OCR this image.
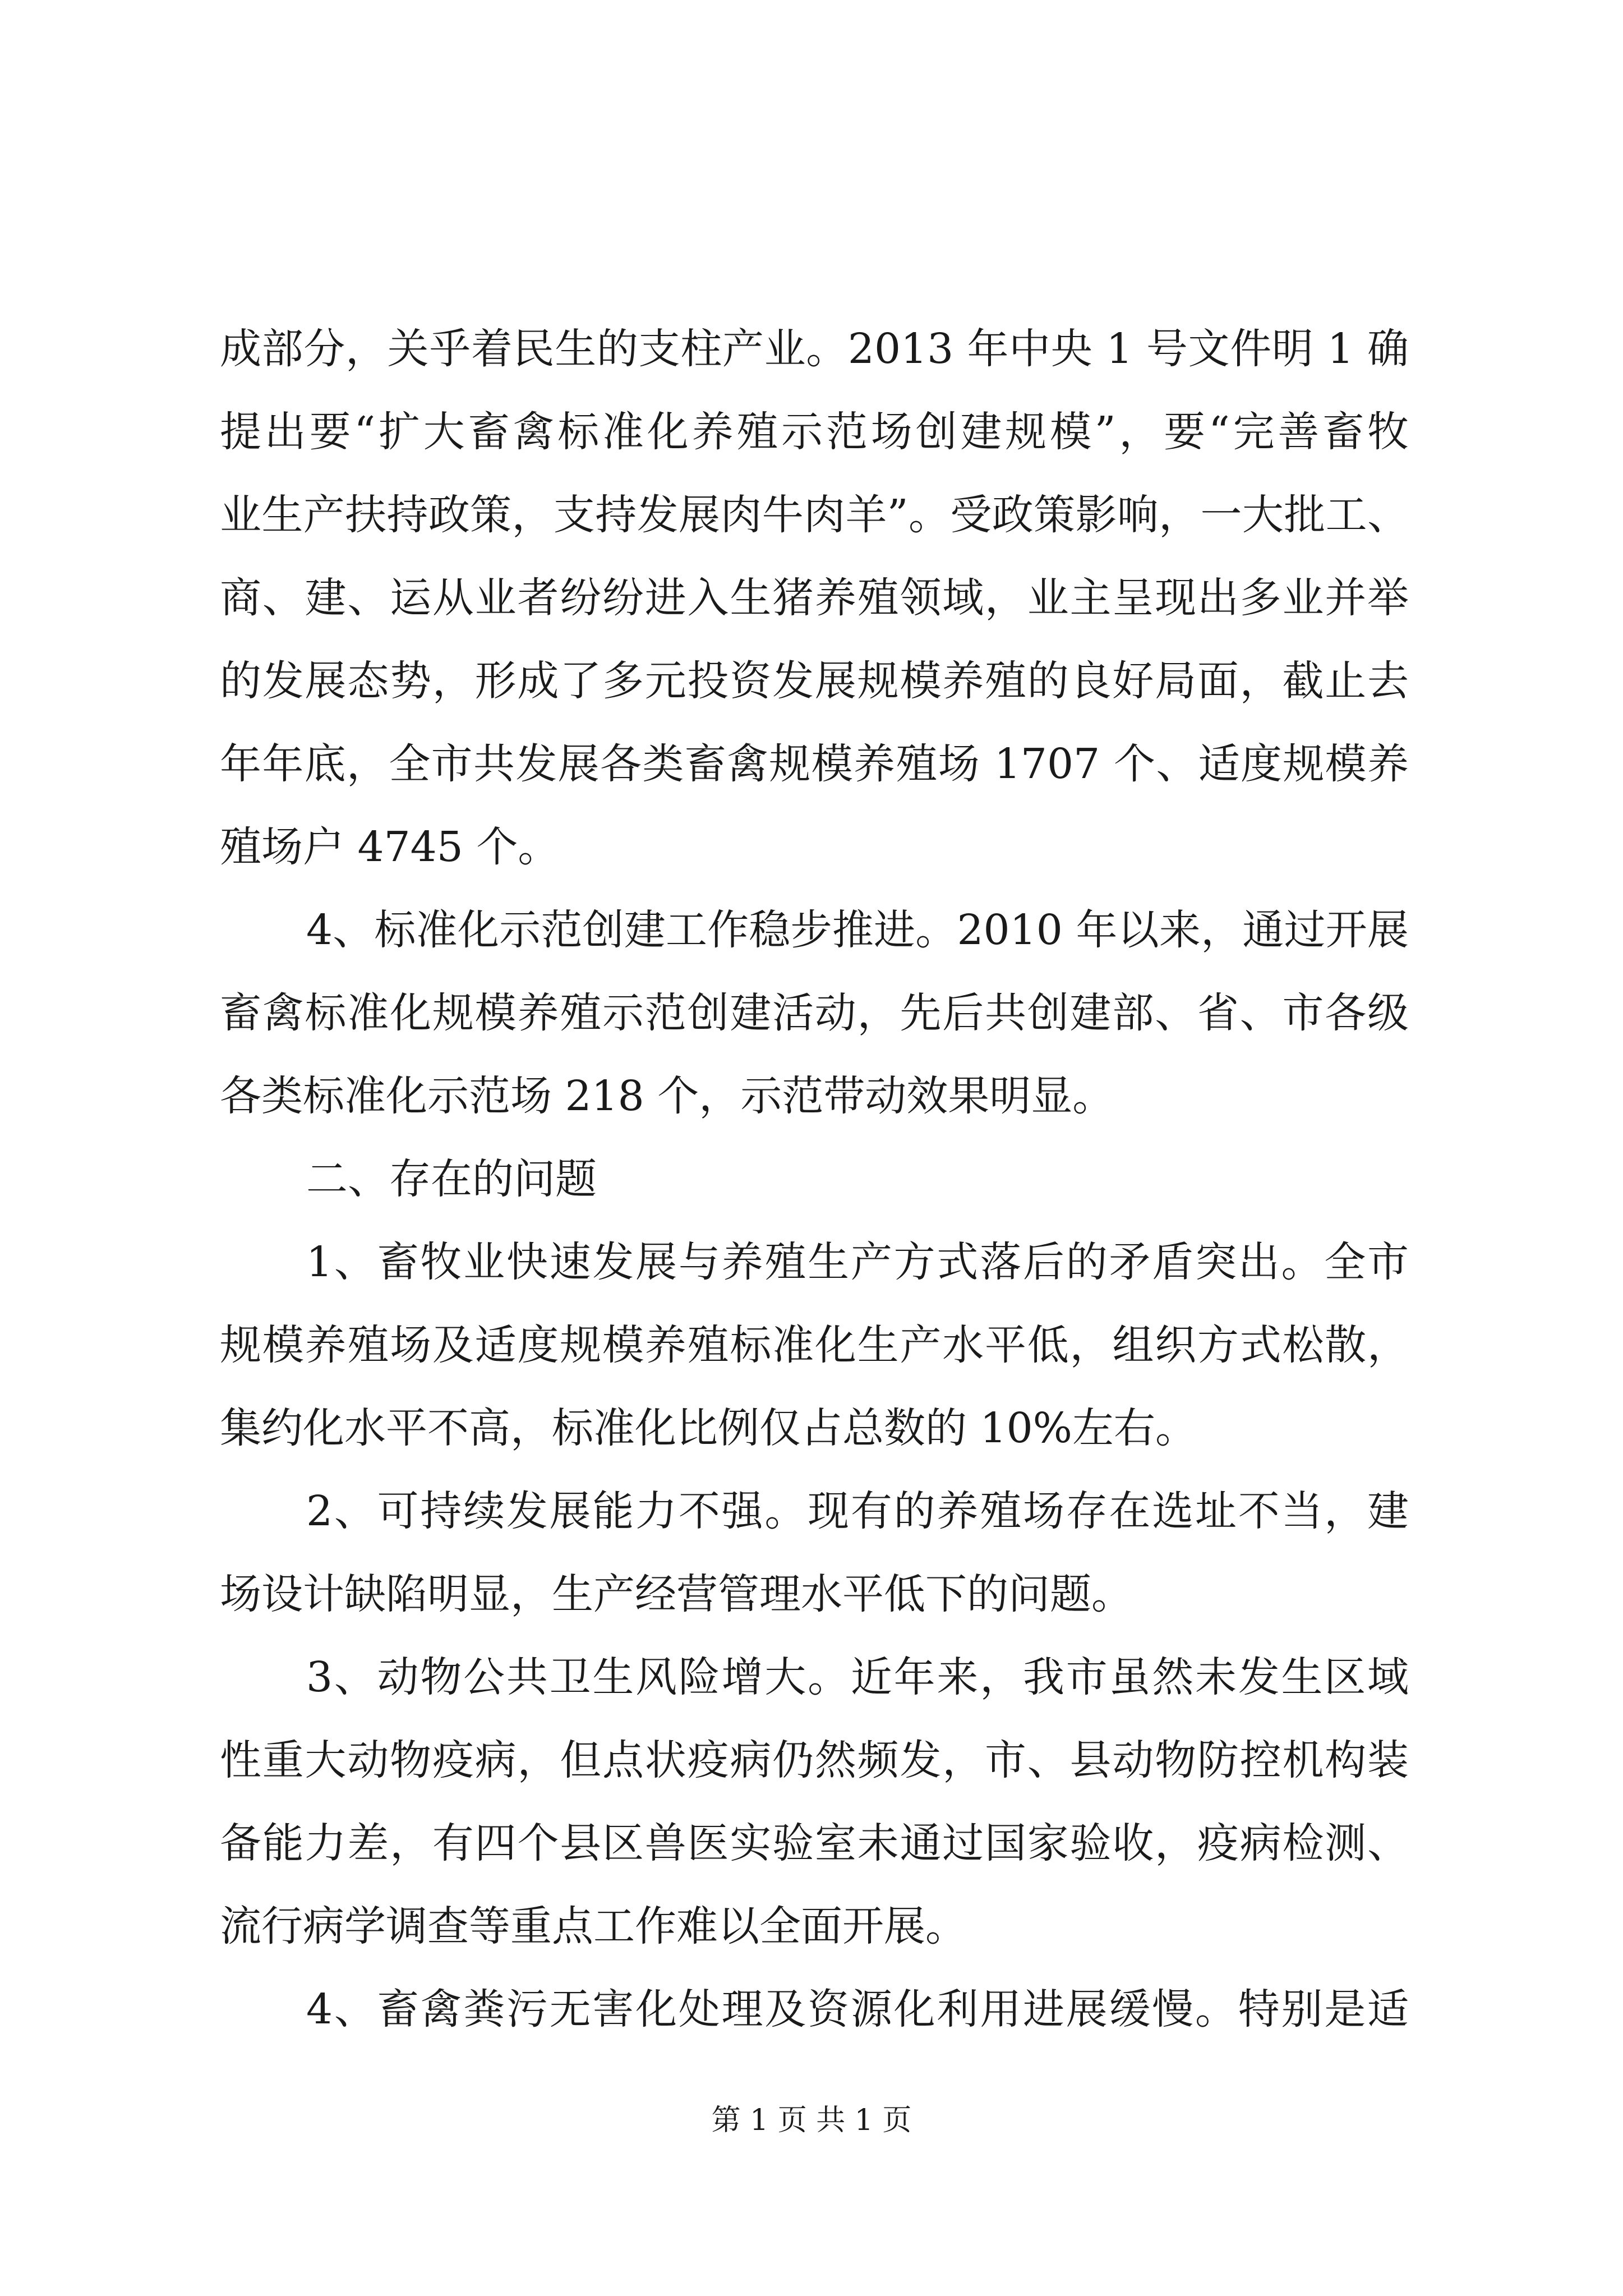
成部分，关乎着民生的支柱产业。2013 年中央 1 号文件明 1 确
提出要“扩大畜禽标准化养殖示范场创建规模”，要“完善畜牧
业生产扶持政策，支持发展肉牛肉羊”。受政策影响，一大批工、
商、建、运从业者纷纷进入生猪养殖领域，业主呈现出多业并举
的发展态势，形成了多元投资发展规模养殖的良好局面，截止去
年年底，全市共发展各类畜禽规模养殖场 1707 个、适度规模养
殖场户 4745 个。
4、标准化示范创建工作稳步推进。2010 年以来，通过开展
畜禽标准化规模养殖示范创建活动，先后共创建部、省、市各级
各类标准化示范场 218 个，示范带动效果明显。
二、存在的问题
1、畜牧业快速发展与养殖生产方式落后的矛盾突出。全市
规模养殖场及适度规模养殖标准化生产水平低，组织方式松散，
集约化水平不高，标准化比例仅占总数的 10%左右。
2、可持续发展能力不强。现有的养殖场存在选址不当，建
场设计缺陷明显，生产经营管理水平低下的问题。
3、动物公共卫生风险增大。近年来，我市虽然未发生区域
性重大动物疫病，但点状疫病仍然频发，市、县动物防控机构装
备能力差，有四个县区兽医实验室未通过国家验收，疫病检测、
流行病学调查等重点工作难以全面开展。
4、畜禽粪污无害化处理及资源化利用进展缓慢。特别是适
第 1 页 共 1 页
